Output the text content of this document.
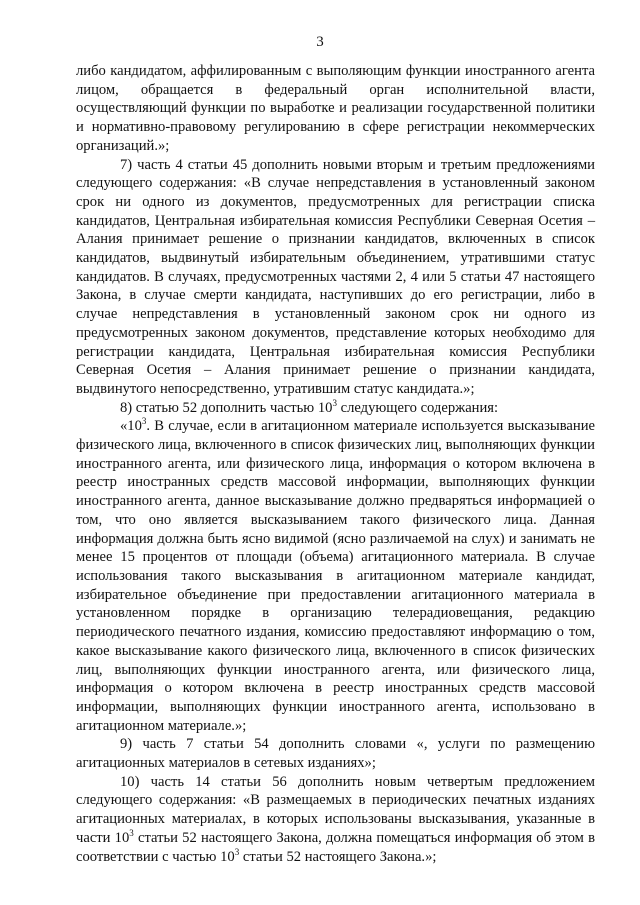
3

либо кандидатом, аффилированным с выполяющим функции иностранного агента лицом, обращается в федеральный орган исполнительной власти, осуществляющий функции по выработке и реализации государственной политики и нормативно-правовому регулированию в сфере регистрации некоммерческих организаций.»;

7) часть 4 статьи 45 дополнить новыми вторым и третьим предложениями следующего содержания: «В случае непредставления в установленный законом срок ни одного из документов, предусмотренных для регистрации списка кандидатов, Центральная избирательная комиссия Республики Северная Осетия – Алания принимает решение о признании кандидатов, включенных в список кандидатов, выдвинутый избирательным объединением, утратившими статус кандидатов. В случаях, предусмотренных частями 2, 4 или 5 статьи 47 настоящего Закона, в случае смерти кандидата, наступивших до его регистрации, либо в случае непредставления в установленный законом срок ни одного из предусмотренных законом документов, представление которых необходимо для регистрации кандидата, Центральная избирательная комиссия Республики Северная Осетия – Алания принимает решение о признании кандидата, выдвинутого непосредственно, утратившим статус кандидата.»;

8) статью 52 дополнить частью $10^3$ следующего содержания:

«$10^3$. В случае, если в агитационном материале используется высказывание физического лица, включенного в список физических лиц, выполняющих функции иностранного агента, или физического лица, информация о котором включена в реестр иностранных средств массовой информации, выполняющих функции иностранного агента, данное высказывание должно предваряться информацией о том, что оно является высказыванием такого физического лица. Данная информация должна быть ясно видимой (ясно различаемой на слух) и занимать не менее 15 процентов от площади (объема) агитационного материала. В случае использования такого высказывания в агитационном материале кандидат, избирательное объединение при предоставлении агитационного материала в установленном порядке в организацию телерадиовещания, редакцию периодического печатного издания, комиссию предоставляют информацию о том, какое высказывание какого физического лица, включенного в список физических лиц, выполняющих функции иностранного агента, или физического лица, информация о котором включена в реестр иностранных средств массовой информации, выполняющих функции иностранного агента, использовано в агитационном материале.»;

9) часть 7 статьи 54 дополнить словами «, услуги по размещению агитационных материалов в сетевых изданиях»;

10) часть 14 статьи 56 дополнить новым четвертым предложением следующего содержания: «В размещаемых в периодических печатных изданиях агитационных материалах, в которых использованы высказывания, указанные в части $10^3$ статьи 52 настоящего Закона, должна помещаться информация об этом в соответствии с частью $10^3$ статьи 52 настоящего Закона.»;
